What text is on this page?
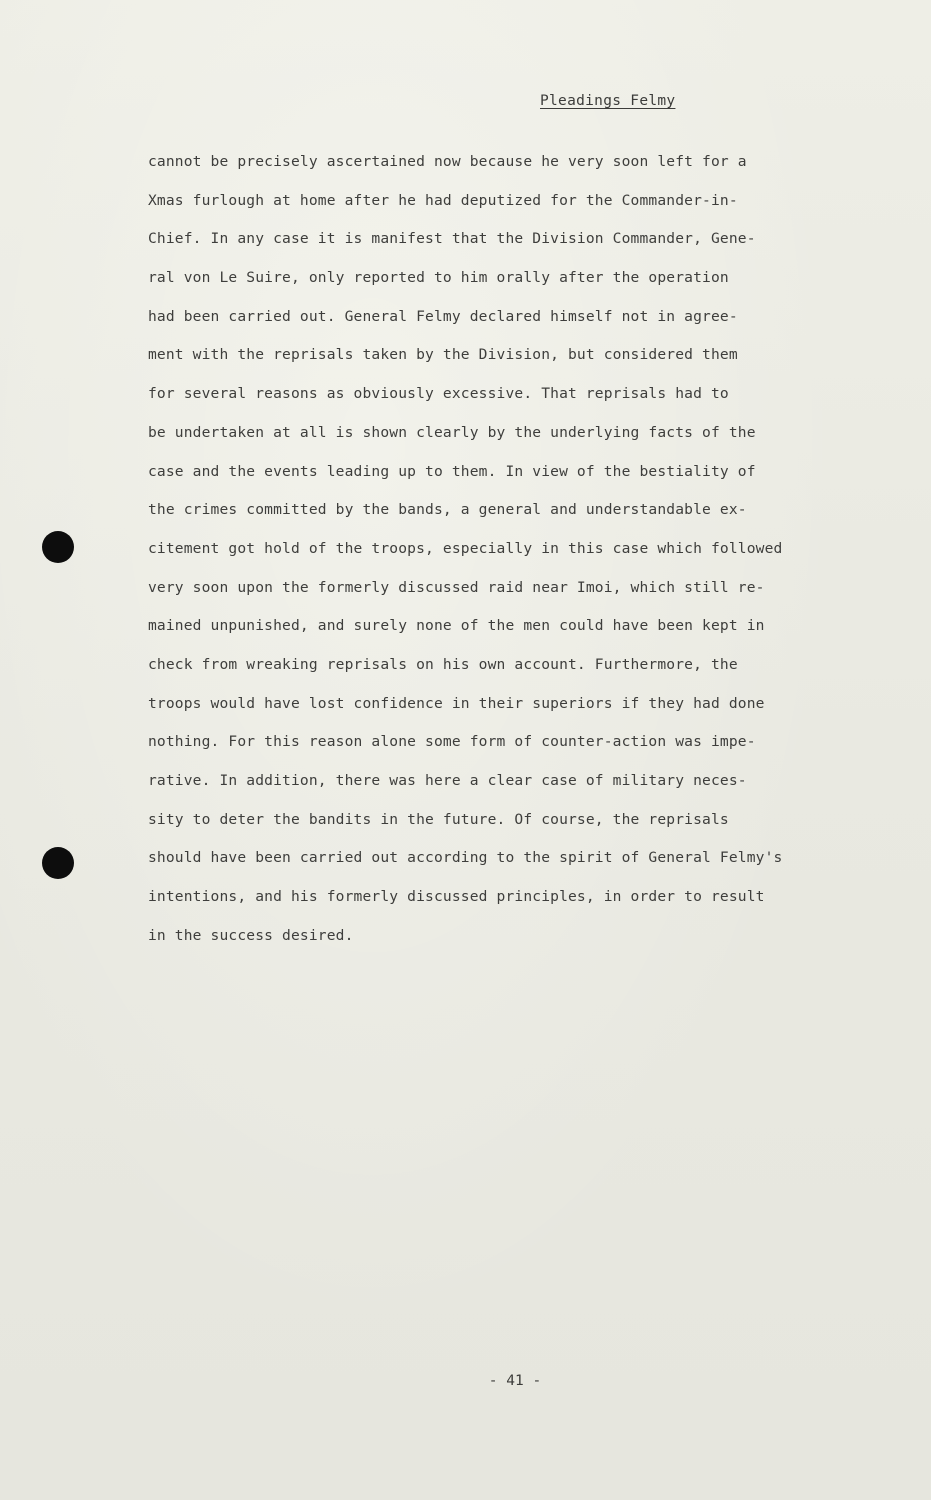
Pleadings Felmy
cannot be precisely ascertained now because he very soon left for a
Xmas furlough at home after he had deputized for the Commander-in-
Chief. In any case it is manifest that the Division Commander, Gene-
ral von Le Suire, only reported to him orally after the operation
had been carried out. General Felmy declared himself not in agree-
ment with the reprisals taken by the Division, but considered them
for several reasons as obviously excessive. That reprisals had to
be undertaken at all is shown clearly by the underlying facts of the
case and the events leading up to them. In view of the bestiality of
the crimes committed by the bands, a general and understandable ex-
citement got hold of the troops, especially in this case which followed
very soon upon the formerly discussed raid near Imoi, which still re-
mained unpunished, and surely none of the men could have been kept in
check from wreaking reprisals on his own account. Furthermore, the
troops would have lost confidence in their superiors if they had done
nothing. For this reason alone some form of counter-action was impe-
rative. In addition, there was here a clear case of military neces-
sity to deter the bandits in the future. Of course, the reprisals
should have been carried out according to the spirit of General Felmy's
intentions, and his formerly discussed principles, in order to result
in the success desired.
- 41 -
